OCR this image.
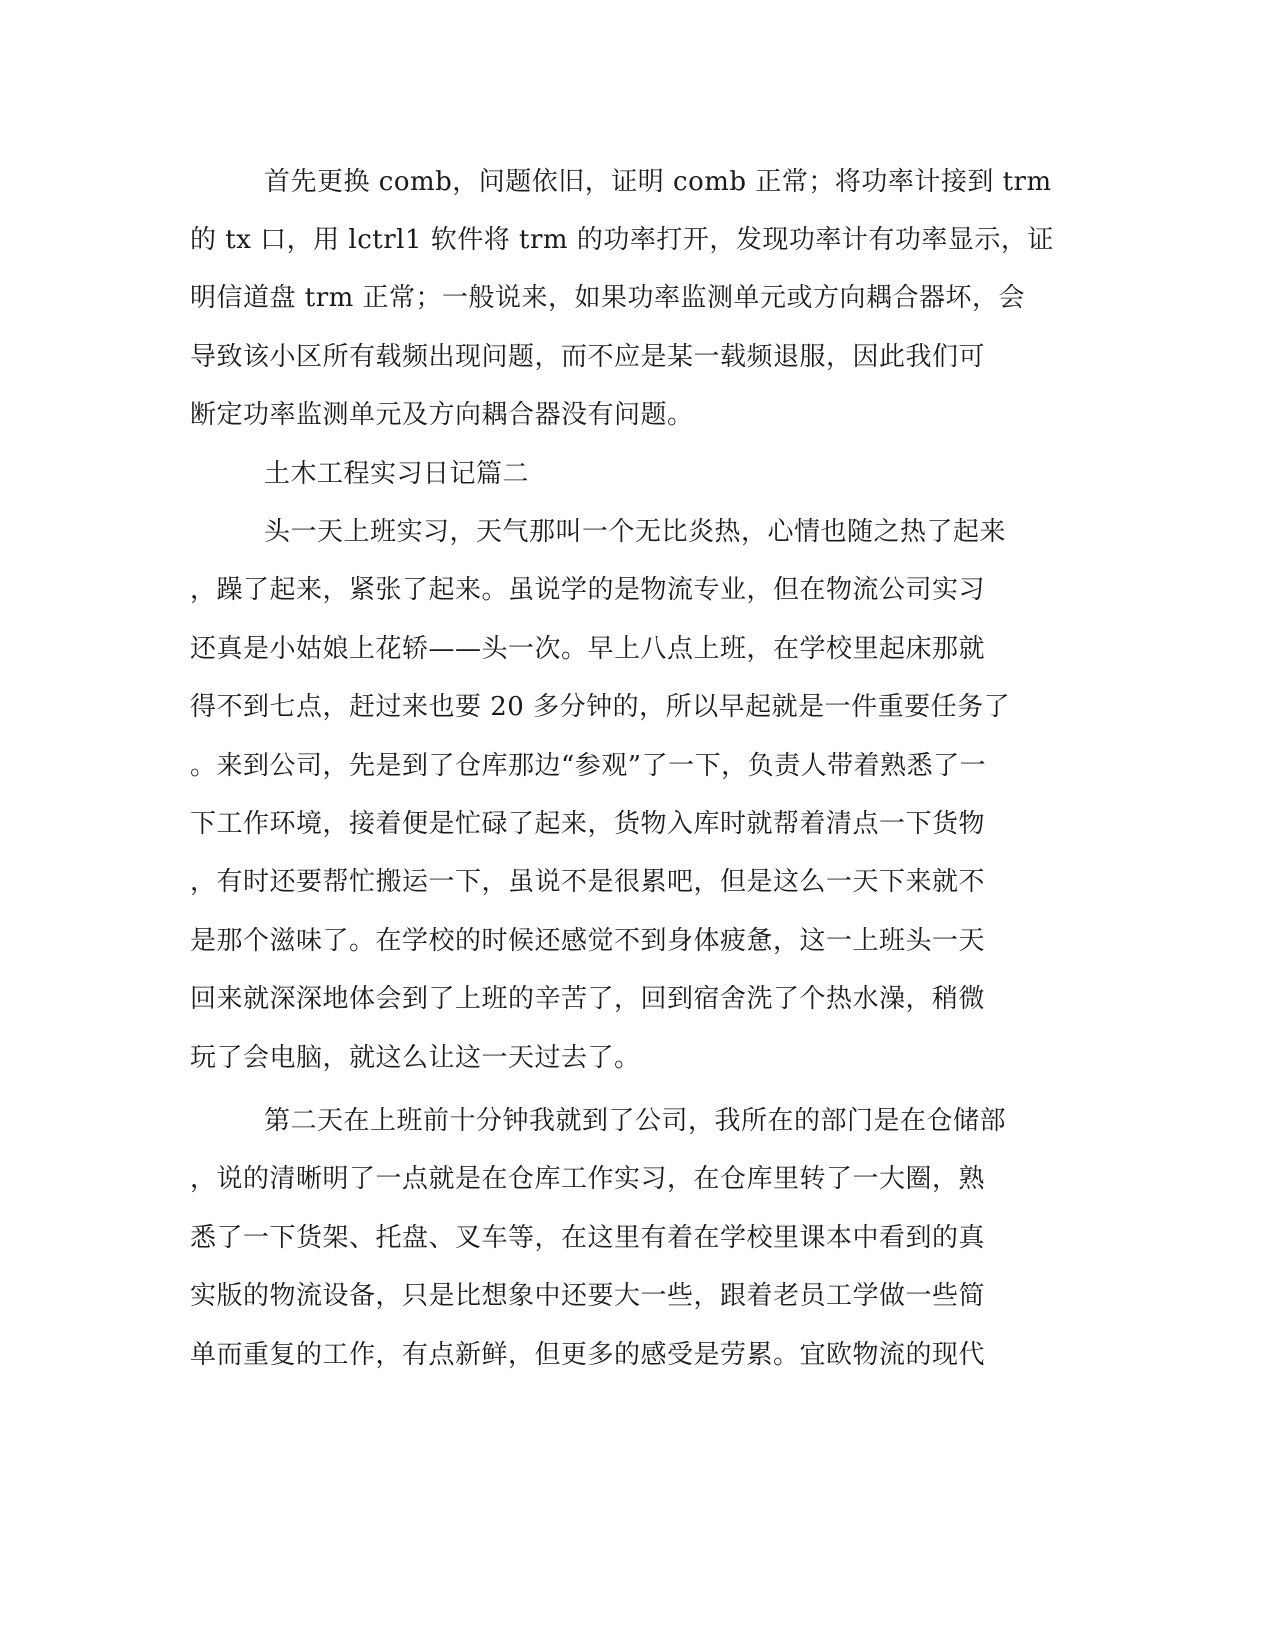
首先更换 comb，问题依旧，证明 comb 正常；将功率计接到 trm
的 tx 口，用 lctrl1 软件将 trm 的功率打开，发现功率计有功率显示，证
明信道盘 trm 正常；一般说来，如果功率监测单元或方向耦合器坏，会
导致该小区所有载频出现问题，而不应是某一载频退服，因此我们可
断定功率监测单元及方向耦合器没有问题。
土木工程实习日记篇二
头一天上班实习，天气那叫一个无比炎热，心情也随之热了起来
，躁了起来，紧张了起来。虽说学的是物流专业，但在物流公司实习
还真是小姑娘上花轿——头一次。早上八点上班，在学校里起床那就
得不到七点，赶过来也要 20 多分钟的，所以早起就是一件重要任务了
。来到公司，先是到了仓库那边“参观”了一下，负责人带着熟悉了一
下工作环境，接着便是忙碌了起来，货物入库时就帮着清点一下货物
，有时还要帮忙搬运一下，虽说不是很累吧，但是这么一天下来就不
是那个滋味了。在学校的时候还感觉不到身体疲惫，这一上班头一天
回来就深深地体会到了上班的辛苦了，回到宿舍洗了个热水澡，稍微
玩了会电脑，就这么让这一天过去了。
第二天在上班前十分钟我就到了公司，我所在的部门是在仓储部
，说的清晰明了一点就是在仓库工作实习，在仓库里转了一大圈，熟
悉了一下货架、托盘、叉车等，在这里有着在学校里课本中看到的真
实版的物流设备，只是比想象中还要大一些，跟着老员工学做一些简
单而重复的工作，有点新鲜，但更多的感受是劳累。宜欧物流的现代
